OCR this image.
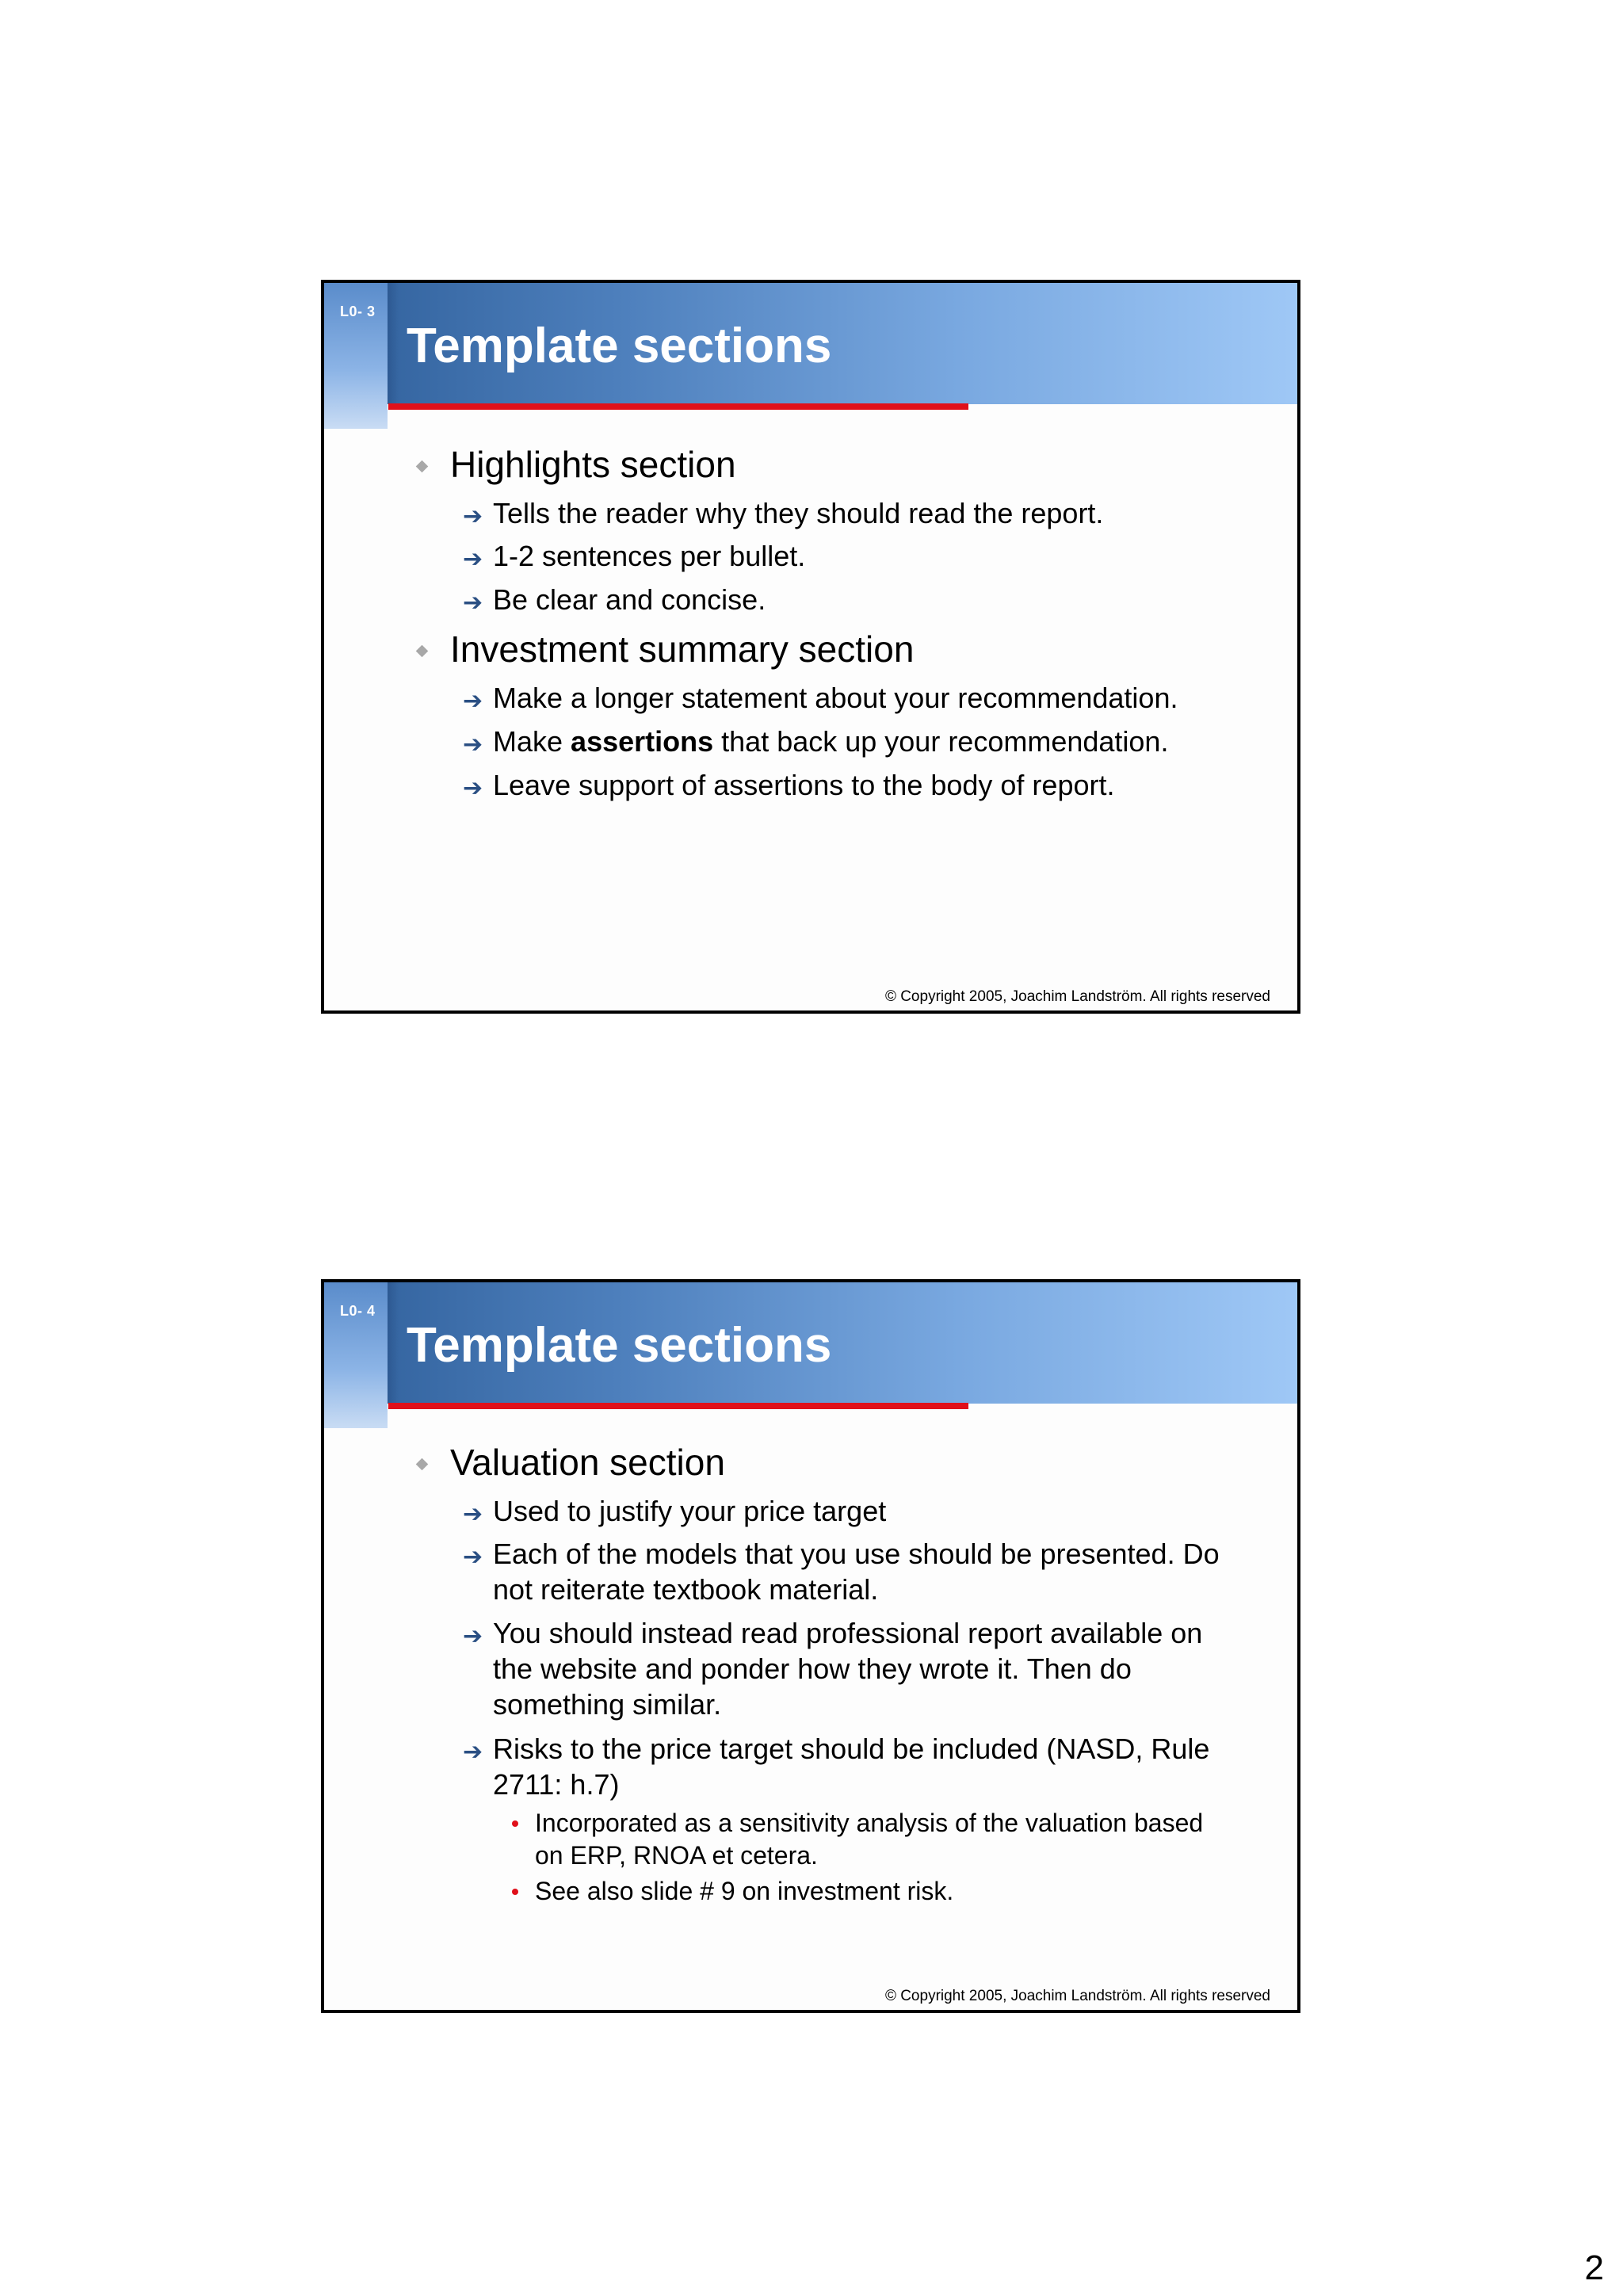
L0- 3
Template sections
Highlights section
➔ Tells the reader why they should read the report.
➔ 1-2 sentences per bullet.
➔ Be clear and concise.
Investment summary section
➔ Make a longer statement about your recommendation.
➔ Make assertions that back up your recommendation.
➔ Leave support of assertions to the body of report.
© Copyright 2005, Joachim Landström. All rights reserved
L0- 4
Template sections
Valuation section
➔ Used to justify your price target
➔ Each of the models that you use should be presented. Do
not reiterate textbook material.
➔ You should instead read professional report available on
the website and ponder how they wrote it. Then do
something similar.
➔ Risks to the price target should be included (NASD, Rule
2711: h.7)
Incorporated as a sensitivity analysis of the valuation based
on ERP, RNOA et cetera.
See also slide # 9 on investment risk.
© Copyright 2005, Joachim Landström. All rights reserved
2
